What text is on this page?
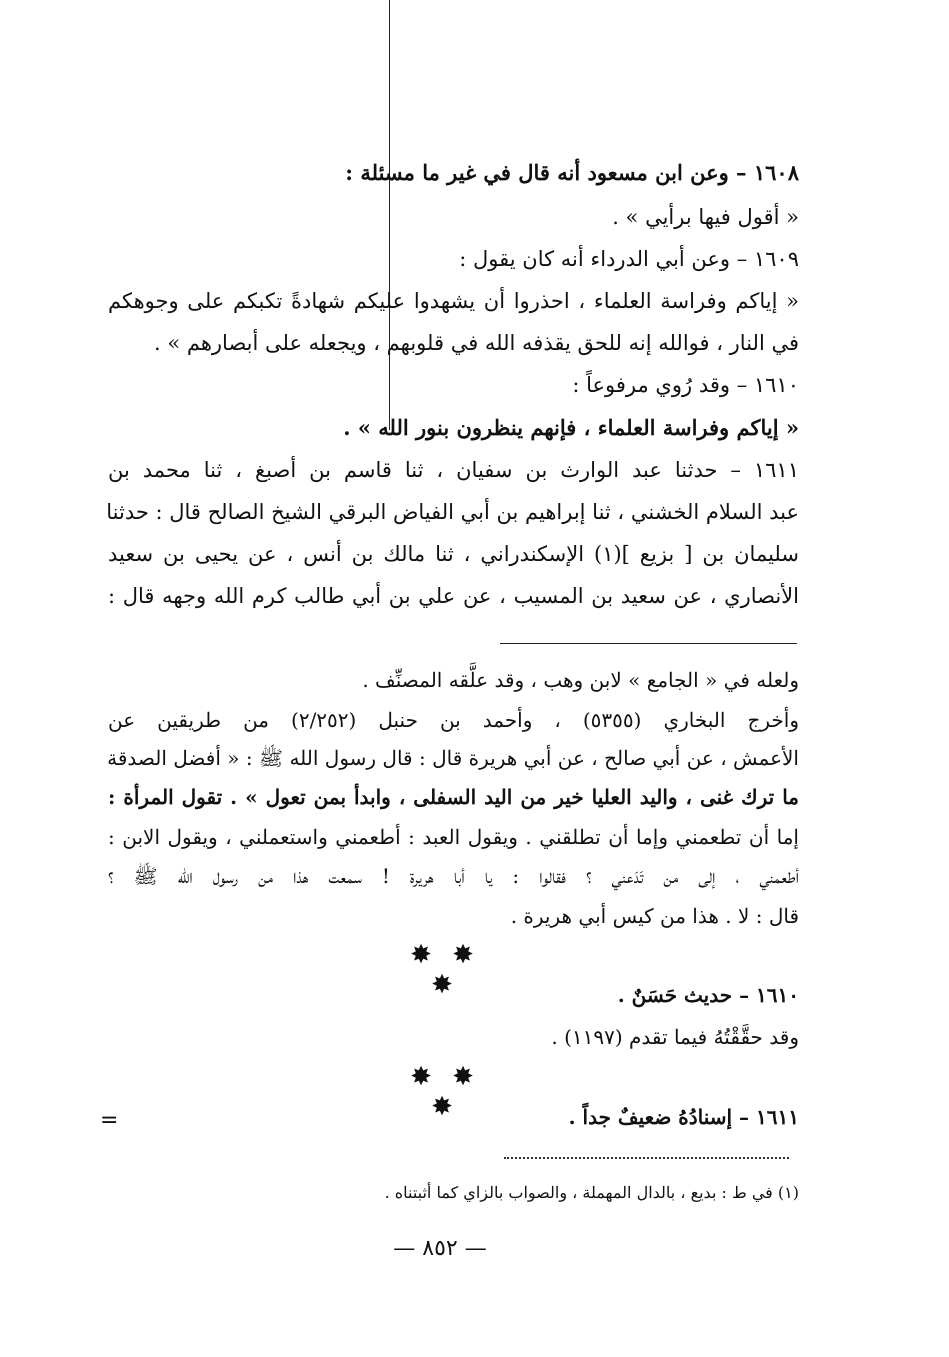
١٦٠٨ – وعن ابن مسعود أنه قال في غير ما مسئلة :
« أقول فيها برأيي » .
١٦٠٩ – وعن أبي الدرداء أنه كان يقول :
« إياكم وفراسة العلماء ، احذروا أن يشهدوا عليكم شهادةً تكبكم على وجوهكم
في النار ، فوالله إنه للحق يقذفه الله في قلوبهم ، ويجعله على أبصارهم » .
١٦١٠ – وقد رُوي مرفوعاً :
« إياكم وفراسة العلماء ، فإنهم ينظرون بنور الله » .
١٦١١ – حدثنا عبد الوارث بن سفيان ، ثنا قاسم بن أصبغ ، ثنا محمد بن
عبد السلام الخشني ، ثنا إبراهيم بن أبي الفياض البرقي الشيخ الصالح قال : حدثنا
سليمان بن [ بزيع ](١) الإسكندراني ، ثنا مالك بن أنس ، عن يحيى بن سعيد
الأنصاري ، عن سعيد بن المسيب ، عن علي بن أبي طالب كرم الله وجهه قال :
ولعله في « الجامع » لابن وهب ، وقد علَّقه المصنِّف .
وأخرج البخاري (٥٣٥٥) ، وأحمد بن حنبل (٢/٢٥٢) من طريقين عن
الأعمش ، عن أبي صالح ، عن أبي هريرة قال : قال رسول الله ﷺ : « أفضل الصدقة
ما ترك غنى ، واليد العليا خير من اليد السفلى ، وابدأ بمن تعول » . تقول المرأة :
إما أن تطعمني وإما أن تطلقني . ويقول العبد : أطعمني واستعملني ، ويقول الابن :
أطعمني ، إلى من تَدَعني ؟ فقالوا : يا أبا هريرة ! سمعت هذا من رسول الله ﷺ ؟
قال : لا . هذا من كيس أبي هريرة .
✸ ✸ ✸	١٦١٠ – حديث حَسَنٌ .
وقد حقَّقْتُهُ فيما تقدم (١١٩٧) .
✸ ✸ ✸	١٦١١ – إسنادُهُ ضعيفٌ جداً .
=
(١) في ط : بديع ، بالدال المهملة ، والصواب بالزاي كما أثبتناه .
— ٨٥٢ —
